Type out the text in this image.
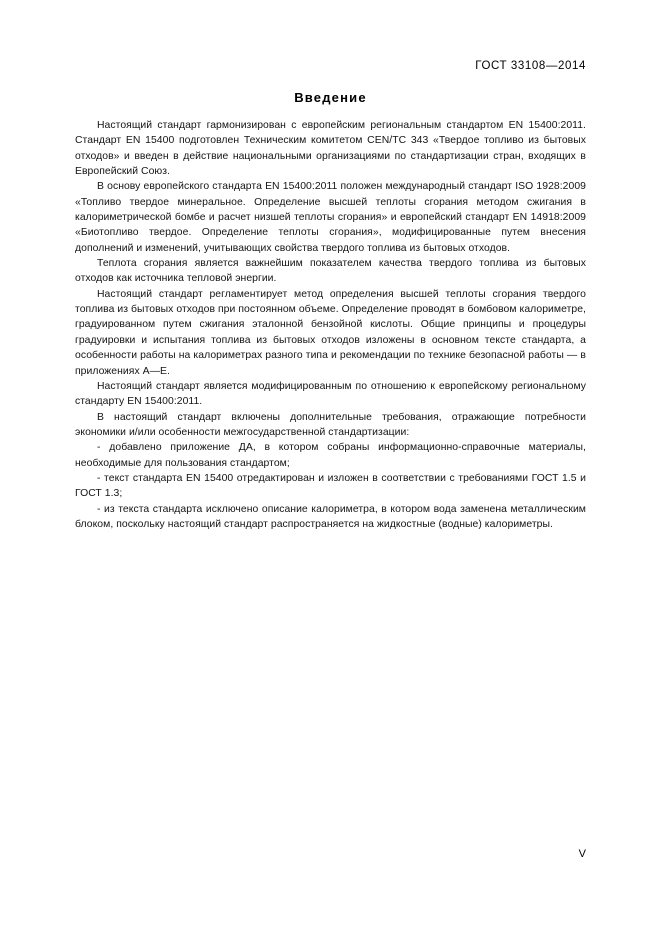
ГОСТ 33108—2014
Введение

Настоящий стандарт гармонизирован с европейским региональным стандартом EN 15400:2011. Стандарт EN 15400 подготовлен Техническим комитетом CEN/TC 343 «Твердое топливо из бытовых отходов» и введен в действие национальными организациями по стандартизации стран, входящих в Европейский Союз.

В основу европейского стандарта EN 15400:2011 положен международный стандарт ISO 1928:2009 «Топливо твердое минеральное. Определение высшей теплоты сгорания методом сжигания в калориметрической бомбе и расчет низшей теплоты сгорания» и европейский стандарт EN 14918:2009 «Биотопливо твердое. Определение теплоты сгорания», модифицированные путем внесения дополнений и изменений, учитывающих свойства твердого топлива из бытовых отходов.

Теплота сгорания является важнейшим показателем качества твердого топлива из бытовых отходов как источника тепловой энергии.

Настоящий стандарт регламентирует метод определения высшей теплоты сгорания твердого топлива из бытовых отходов при постоянном объеме. Определение проводят в бомбовом калориметре, градуированном путем сжигания эталонной бензойной кислоты. Общие принципы и процедуры градуировки и испытания топлива из бытовых отходов изложены в основном тексте стандарта, а особенности работы на калориметрах разного типа и рекомендации по технике безопасной работы — в приложениях А—Е.

Настоящий стандарт является модифицированным по отношению к европейскому региональному стандарту EN 15400:2011.

В настоящий стандарт включены дополнительные требования, отражающие потребности экономики и/или особенности межгосударственной стандартизации:

- добавлено приложение ДА, в котором собраны информационно-справочные материалы, необходимые для пользования стандартом;

- текст стандарта EN 15400 отредактирован и изложен в соответствии с требованиями ГОСТ 1.5 и ГОСТ 1.3;

- из текста стандарта исключено описание калориметра, в котором вода заменена металлическим блоком, поскольку настоящий стандарт распространяется на жидкостные (водные) калориметры.

V
